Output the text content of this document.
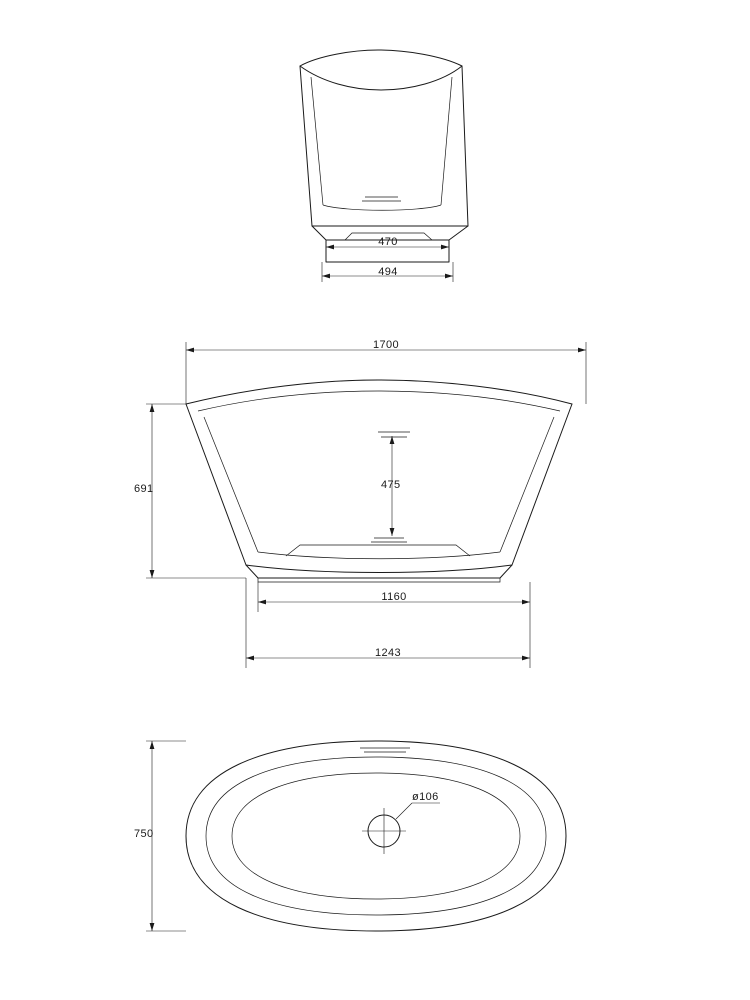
470
494
1700
691	475
1160
1243
750
ø106
